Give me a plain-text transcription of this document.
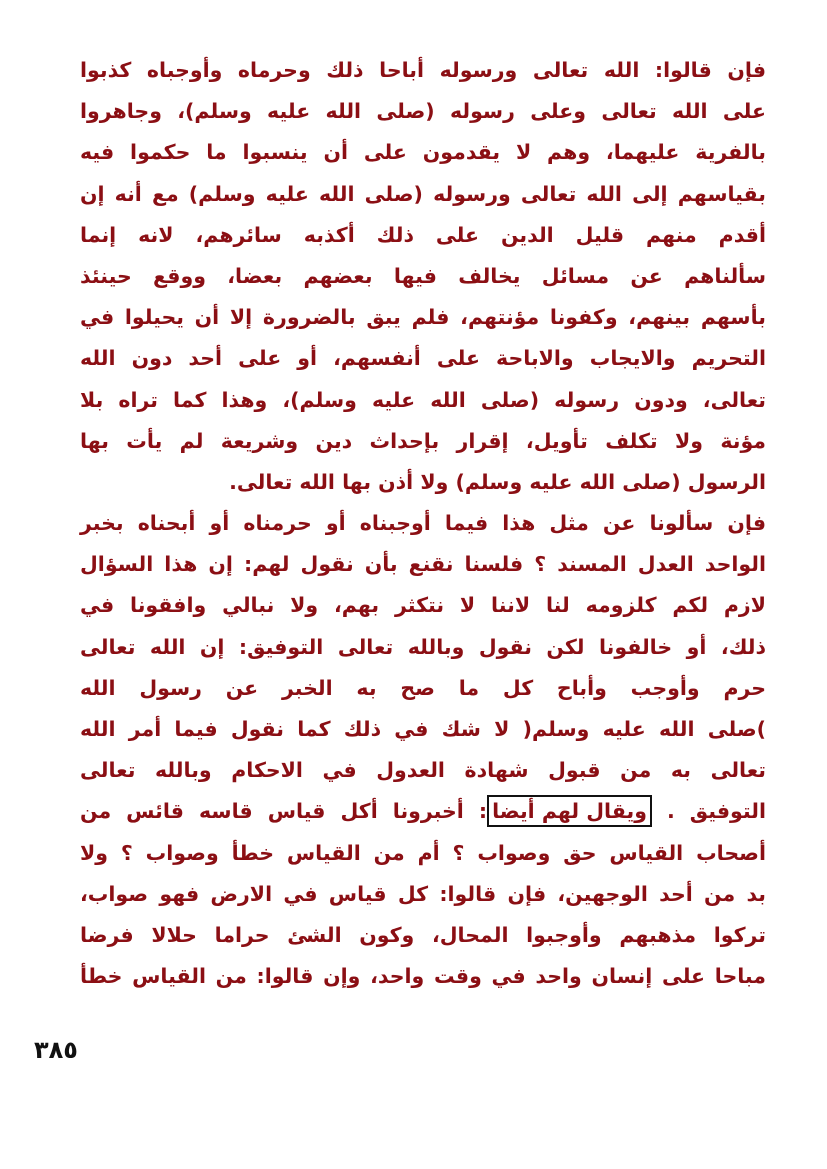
فإن قالوا: الله تعالى ورسوله أباحا ذلك وحرماه وأوجباه كذبوا
على الله تعالى وعلى رسوله (صلى الله عليه وسلم)، وجاهروا
بالفرية عليهما، وهم لا يقدمون على أن ينسبوا ما حكموا فيه
بقياسهم إلى الله تعالى ورسوله (صلى الله عليه وسلم) مع أنه إن
أقدم منهم قليل الدين على ذلك أكذبه سائرهم، لانه إنما
سألناهم عن مسائل يخالف فيها بعضهم بعضا، ووقع حينئذ
بأسهم بينهم، وكفونا مؤنتهم، فلم يبق بالضرورة إلا أن يحيلوا في
التحريم والايجاب والاباحة على أنفسهم، أو على أحد دون الله
تعالى، ودون رسوله (صلى الله عليه وسلم)، وهذا كما تراه بلا
مؤنة ولا تكلف تأويل، إقرار بإحداث دين وشريعة لم يأت بها
الرسول (صلى الله عليه وسلم) ولا أذن بها الله تعالى.
فإن سألونا عن مثل هذا فيما أوجبناه أو حرمناه أو أبحناه بخبر
الواحد العدل المسند ؟ فلسنا نقنع بأن نقول لهم: إن هذا السؤال
لازم لكم كلزومه لنا لاننا لا نتكثر بهم، ولا نبالي وافقونا في
ذلك، أو خالفونا لكن نقول وبالله تعالى التوفيق: إن الله تعالى
حرم وأوجب وأباح كل ما صح به الخبر عن رسول الله
)صلى الله عليه وسلم( لا شك في ذلك كما نقول فيما أمر الله
تعالى به من قبول شهادة العدول في الاحكام وبالله تعالى
التوفيق . ويقال لهم أيضا: أخبرونا أكل قياس قاسه قائس من
أصحاب القياس حق وصواب ؟ أم من القياس خطأ وصواب ؟ ولا
بد من أحد الوجهين، فإن قالوا: كل قياس في الارض فهو صواب،
تركوا مذهبهم وأوجبوا المحال، وكون الشئ حراما حلالا فرضا
مباحا على إنسان واحد في وقت واحد، وإن قالوا: من القياس خطأ
٣٨٥
